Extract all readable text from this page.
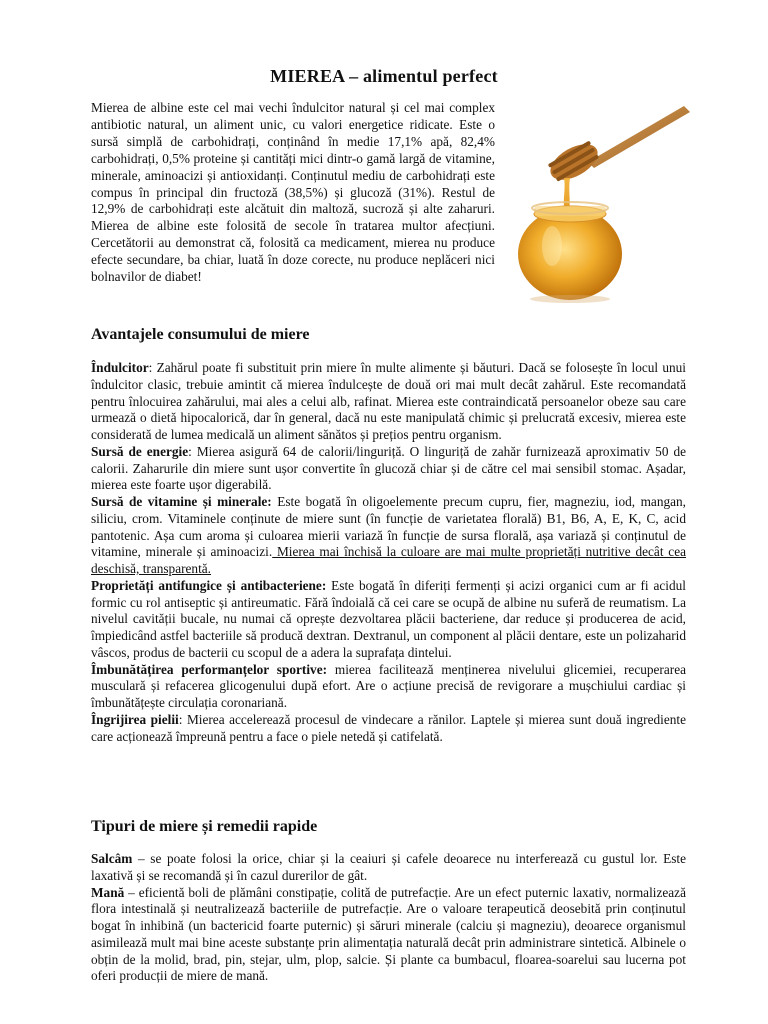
MIEREA – alimentul perfect

Mierea de albine este cel mai vechi îndulcitor natural și cel mai complex antibiotic natural, un aliment unic, cu valori energetice ridicate. Este o sursă simplă de carbohidrați, conținând în medie 17,1% apă, 82,4% carbohidrați, 0,5% proteine și cantități mici dintr-o gamă largă de vitamine, minerale, aminoacizi și antioxidanți. Conținutul mediu de carbohidrați este compus în principal din fructoză (38,5%) și glucoză (31%). Restul de 12,9% de carbohidrați este alcătuit din maltoză, sucroză și alte zaharuri. Mierea de albine este folosită de secole în tratarea multor afecțiuni. Cercetătorii au demonstrat că, folosită ca medicament, mierea nu produce efecte secundare, ba chiar, luată în doze corecte, nu produce neplăceri nici bolnavilor de diabet!

Avantajele consumului de miere

Îndulcitor: Zahărul poate fi substituit prin miere în multe alimente și băuturi. Dacă se folosește în locul unui îndulcitor clasic, trebuie amintit că mierea îndulcește de două ori mai mult decât zahărul. Este recomandată pentru înlocuirea zahărului, mai ales a celui alb, rafinat. Mierea este contraindicată persoanelor obeze sau care urmează o dietă hipocalorică, dar în general, dacă nu este manipulată chimic și prelucrată excesiv, mierea este considerată de lumea medicală un aliment sănătos și prețios pentru organism.

Sursă de energie: Mierea asigură 64 de calorii/linguriță. O linguriță de zahăr furnizează aproximativ 50 de calorii. Zaharurile din miere sunt ușor convertite în glucoză chiar și de către cel mai sensibil stomac. Așadar, mierea este foarte ușor digerabilă.

Sursă de vitamine și minerale: Este bogată în oligoelemente precum cupru, fier, magneziu, iod, mangan, siliciu, crom. Vitaminele conținute de miere sunt (în funcție de varietatea florală) B1, B6, A, E, K, C, acid pantotenic. Așa cum aroma și culoarea mierii variază în funcție de sursa florală, așa variază și conținutul de vitamine, minerale și aminoacizi. Mierea mai închisă la culoare are mai multe proprietăți nutritive decât cea deschisă, transparentă.

Proprietăți antifungice și antibacteriene: Este bogată în diferiți fermenți și acizi organici cum ar fi acidul formic cu rol antiseptic și antireumatic. Fără îndoială că cei care se ocupă de albine nu suferă de reumatism. La nivelul cavității bucale, nu numai că oprește dezvoltarea plăcii bacteriene, dar reduce și producerea de acid, împiedicând astfel bacteriile să producă dextran. Dextranul, un component al plăcii dentare, este un polizaharid vâscos, produs de bacterii cu scopul de a adera la suprafața dintelui.

Îmbunătățirea performanțelor sportive: mierea facilitează menținerea nivelului glicemiei, recuperarea musculară și refacerea glicogenului după efort. Are o acțiune precisă de revigorare a mușchiului cardiac și îmbunătățește circulația coronariană.

Îngrijirea pielii: Mierea accelerează procesul de vindecare a rănilor. Laptele și mierea sunt două ingrediente care acționează împreună pentru a face o piele netedă și catifelată.

Tipuri de miere și remedii rapide

Salcâm – se poate folosi la orice, chiar și la ceaiuri și cafele deoarece nu interferează cu gustul lor. Este laxativă și se recomandă și în cazul durerilor de gât.

Mană – eficientă boli de plămâni constipație, colită de putrefacție. Are un efect puternic laxativ, normalizează flora intestinală și neutralizează bacteriile de putrefacție. Are o valoare terapeutică deosebită prin conținutul bogat în inhibină (un bactericid foarte puternic) și săruri minerale (calciu și magneziu), deoarece organismul asimilează mult mai bine aceste substanțe prin alimentația naturală decât prin administrare sintetică. Albinele o obțin de la molid, brad, pin, stejar, ulm, plop, salcie. Și plante ca bumbacul, floarea-soarelui sau lucerna pot oferi producții de miere de mană.
